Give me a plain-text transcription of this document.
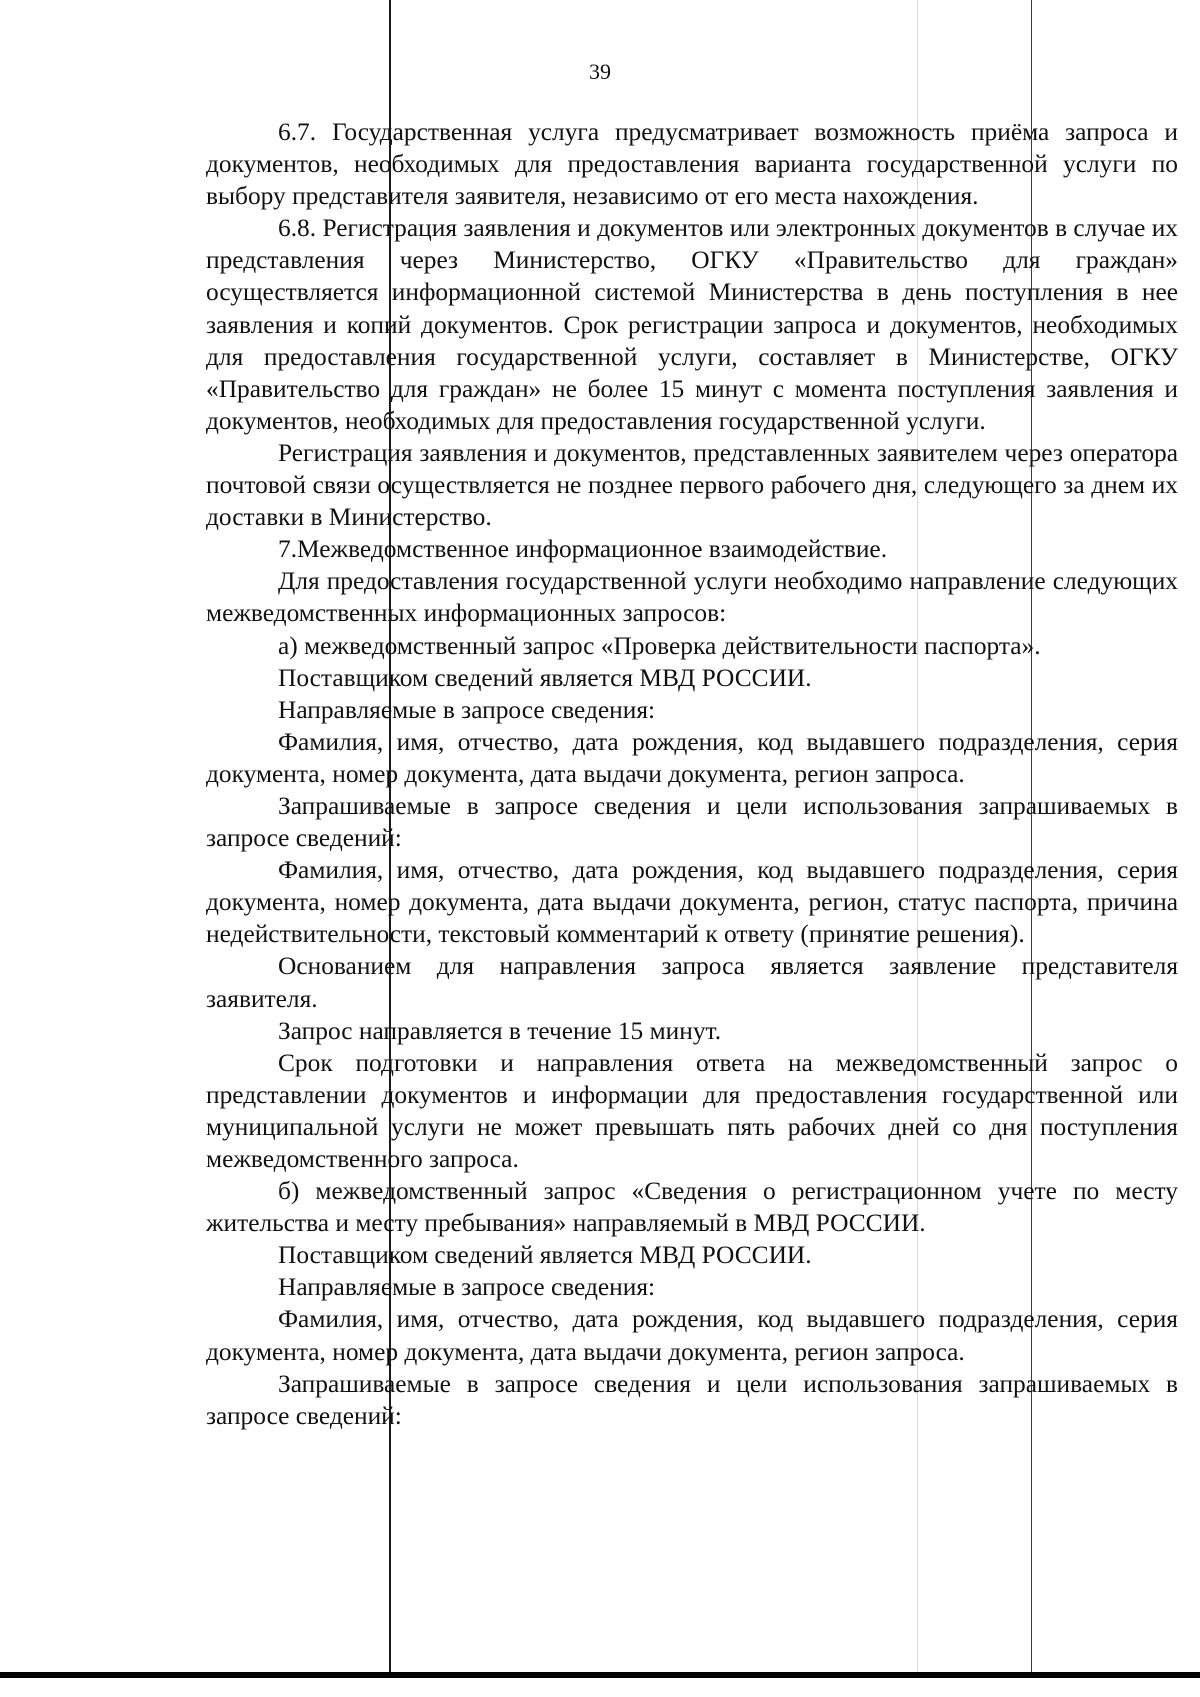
39

6.7. Государственная услуга предусматривает возможность приёма запроса и документов, необходимых для предоставления варианта государственной услуги по выбору представителя заявителя, независимо от его места нахождения.

6.8. Регистрация заявления и документов или электронных документов в случае их представления через Министерство, ОГКУ «Правительство для граждан» осуществляется информационной системой Министерства в день поступления в нее заявления и копий документов. Срок регистрации запроса и документов, необходимых для предоставления государственной услуги, составляет в Министерстве, ОГКУ «Правительство для граждан» не более 15 минут с момента поступления заявления и документов, необходимых для предоставления государственной услуги.

Регистрация заявления и документов, представленных заявителем через оператора почтовой связи осуществляется не позднее первого рабочего дня, следующего за днем их доставки в Министерство.

7.Межведомственное информационное взаимодействие.

Для предоставления государственной услуги необходимо направление следующих межведомственных информационных запросов:

а) межведомственный запрос «Проверка действительности паспорта».

Поставщиком сведений является МВД РОССИИ.

Направляемые в запросе сведения:

Фамилия, имя, отчество, дата рождения, код выдавшего подразделения, серия документа, номер документа, дата выдачи документа, регион запроса.

Запрашиваемые в запросе сведения и цели использования запрашиваемых в запросе сведений:

Фамилия, имя, отчество, дата рождения, код выдавшего подразделения, серия документа, номер документа, дата выдачи документа, регион, статус паспорта, причина недействительности, текстовый комментарий к ответу (принятие решения).

Основанием для направления запроса является заявление представителя заявителя.

Запрос направляется в течение 15 минут.

Срок подготовки и направления ответа на межведомственный запрос о представлении документов и информации для предоставления государственной или муниципальной услуги не может превышать пять рабочих дней со дня поступления межведомственного запроса.

б) межведомственный запрос «Сведения о регистрационном учете по месту жительства и месту пребывания» направляемый в МВД РОССИИ.

Поставщиком сведений является МВД РОССИИ.

Направляемые в запросе сведения:

Фамилия, имя, отчество, дата рождения, код выдавшего подразделения, серия документа, номер документа, дата выдачи документа, регион запроса.

Запрашиваемые в запросе сведения и цели использования запрашиваемых в запросе сведений:
